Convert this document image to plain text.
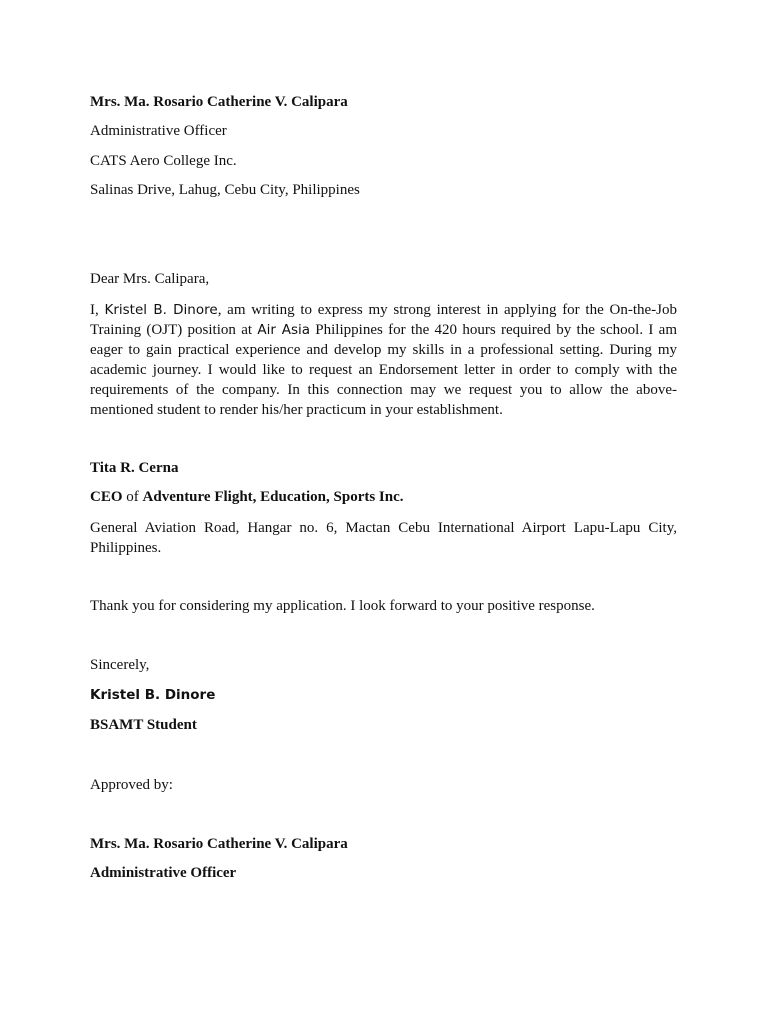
Mrs. Ma. Rosario Catherine V. Calipara
Administrative Officer
CATS Aero College Inc.
Salinas Drive, Lahug, Cebu City, Philippines
Dear Mrs. Calipara,
I, Kristel B. Dinore, am writing to express my strong interest in applying for the On-the-Job Training (OJT) position at Air Asia Philippines for the 420 hours required by the school. I am eager to gain practical experience and develop my skills in a professional setting. During my academic journey. I would like to request an Endorsement letter in order to comply with the requirements of the company. In this connection may we request you to allow the above-mentioned student to render his/her practicum in your establishment.
Tita R. Cerna
CEO of Adventure Flight, Education, Sports Inc.
General Aviation Road, Hangar no. 6, Mactan Cebu International Airport Lapu-Lapu City, Philippines.
Thank you for considering my application. I look forward to your positive response.
Sincerely,
Kristel B. Dinore
BSAMT Student
Approved by:
Mrs. Ma. Rosario Catherine V. Calipara
Administrative Officer
